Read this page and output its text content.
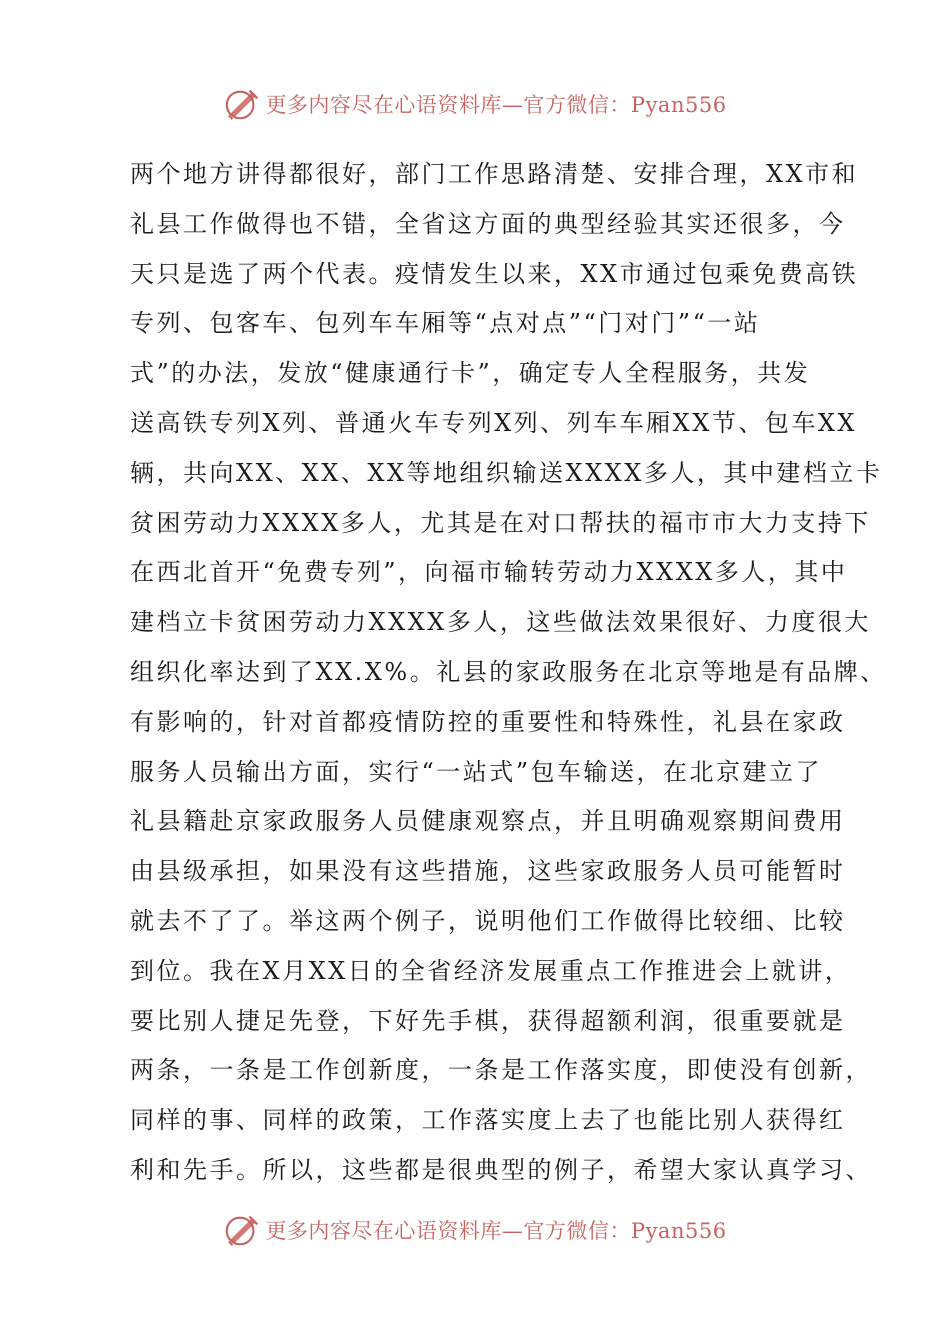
更多内容尽在心语资料库—官方微信：Pyan556
两个地方讲得都很好，部门工作思路清楚、安排合理，XX市和
礼县工作做得也不错，全省这方面的典型经验其实还很多，今
天只是选了两个代表。疫情发生以来，XX市通过包乘免费高铁
专列、包客车、包列车车厢等“点对点”“门对门”“一站
式”的办法，发放“健康通行卡”，确定专人全程服务，共发
送高铁专列X列、普通火车专列X列、列车车厢XX节、包车XX
辆，共向XX、XX、XX等地组织输送XXXX多人，其中建档立卡
贫困劳动力XXXX多人，尤其是在对口帮扶的福市市大力支持下
在西北首开“免费专列”，向福市输转劳动力XXXX多人，其中
建档立卡贫困劳动力XXXX多人，这些做法效果很好、力度很大
组织化率达到了XX.X%。礼县的家政服务在北京等地是有品牌、
有影响的，针对首都疫情防控的重要性和特殊性，礼县在家政
服务人员输出方面，实行“一站式”包车输送，在北京建立了
礼县籍赴京家政服务人员健康观察点，并且明确观察期间费用
由县级承担，如果没有这些措施，这些家政服务人员可能暂时
就去不了了。举这两个例子，说明他们工作做得比较细、比较
到位。我在X月XX日的全省经济发展重点工作推进会上就讲，
要比别人捷足先登，下好先手棋，获得超额利润，很重要就是
两条，一条是工作创新度，一条是工作落实度，即使没有创新，
同样的事、同样的政策，工作落实度上去了也能比别人获得红
利和先手。所以，这些都是很典型的例子，希望大家认真学习、
更多内容尽在心语资料库—官方微信：Pyan556
